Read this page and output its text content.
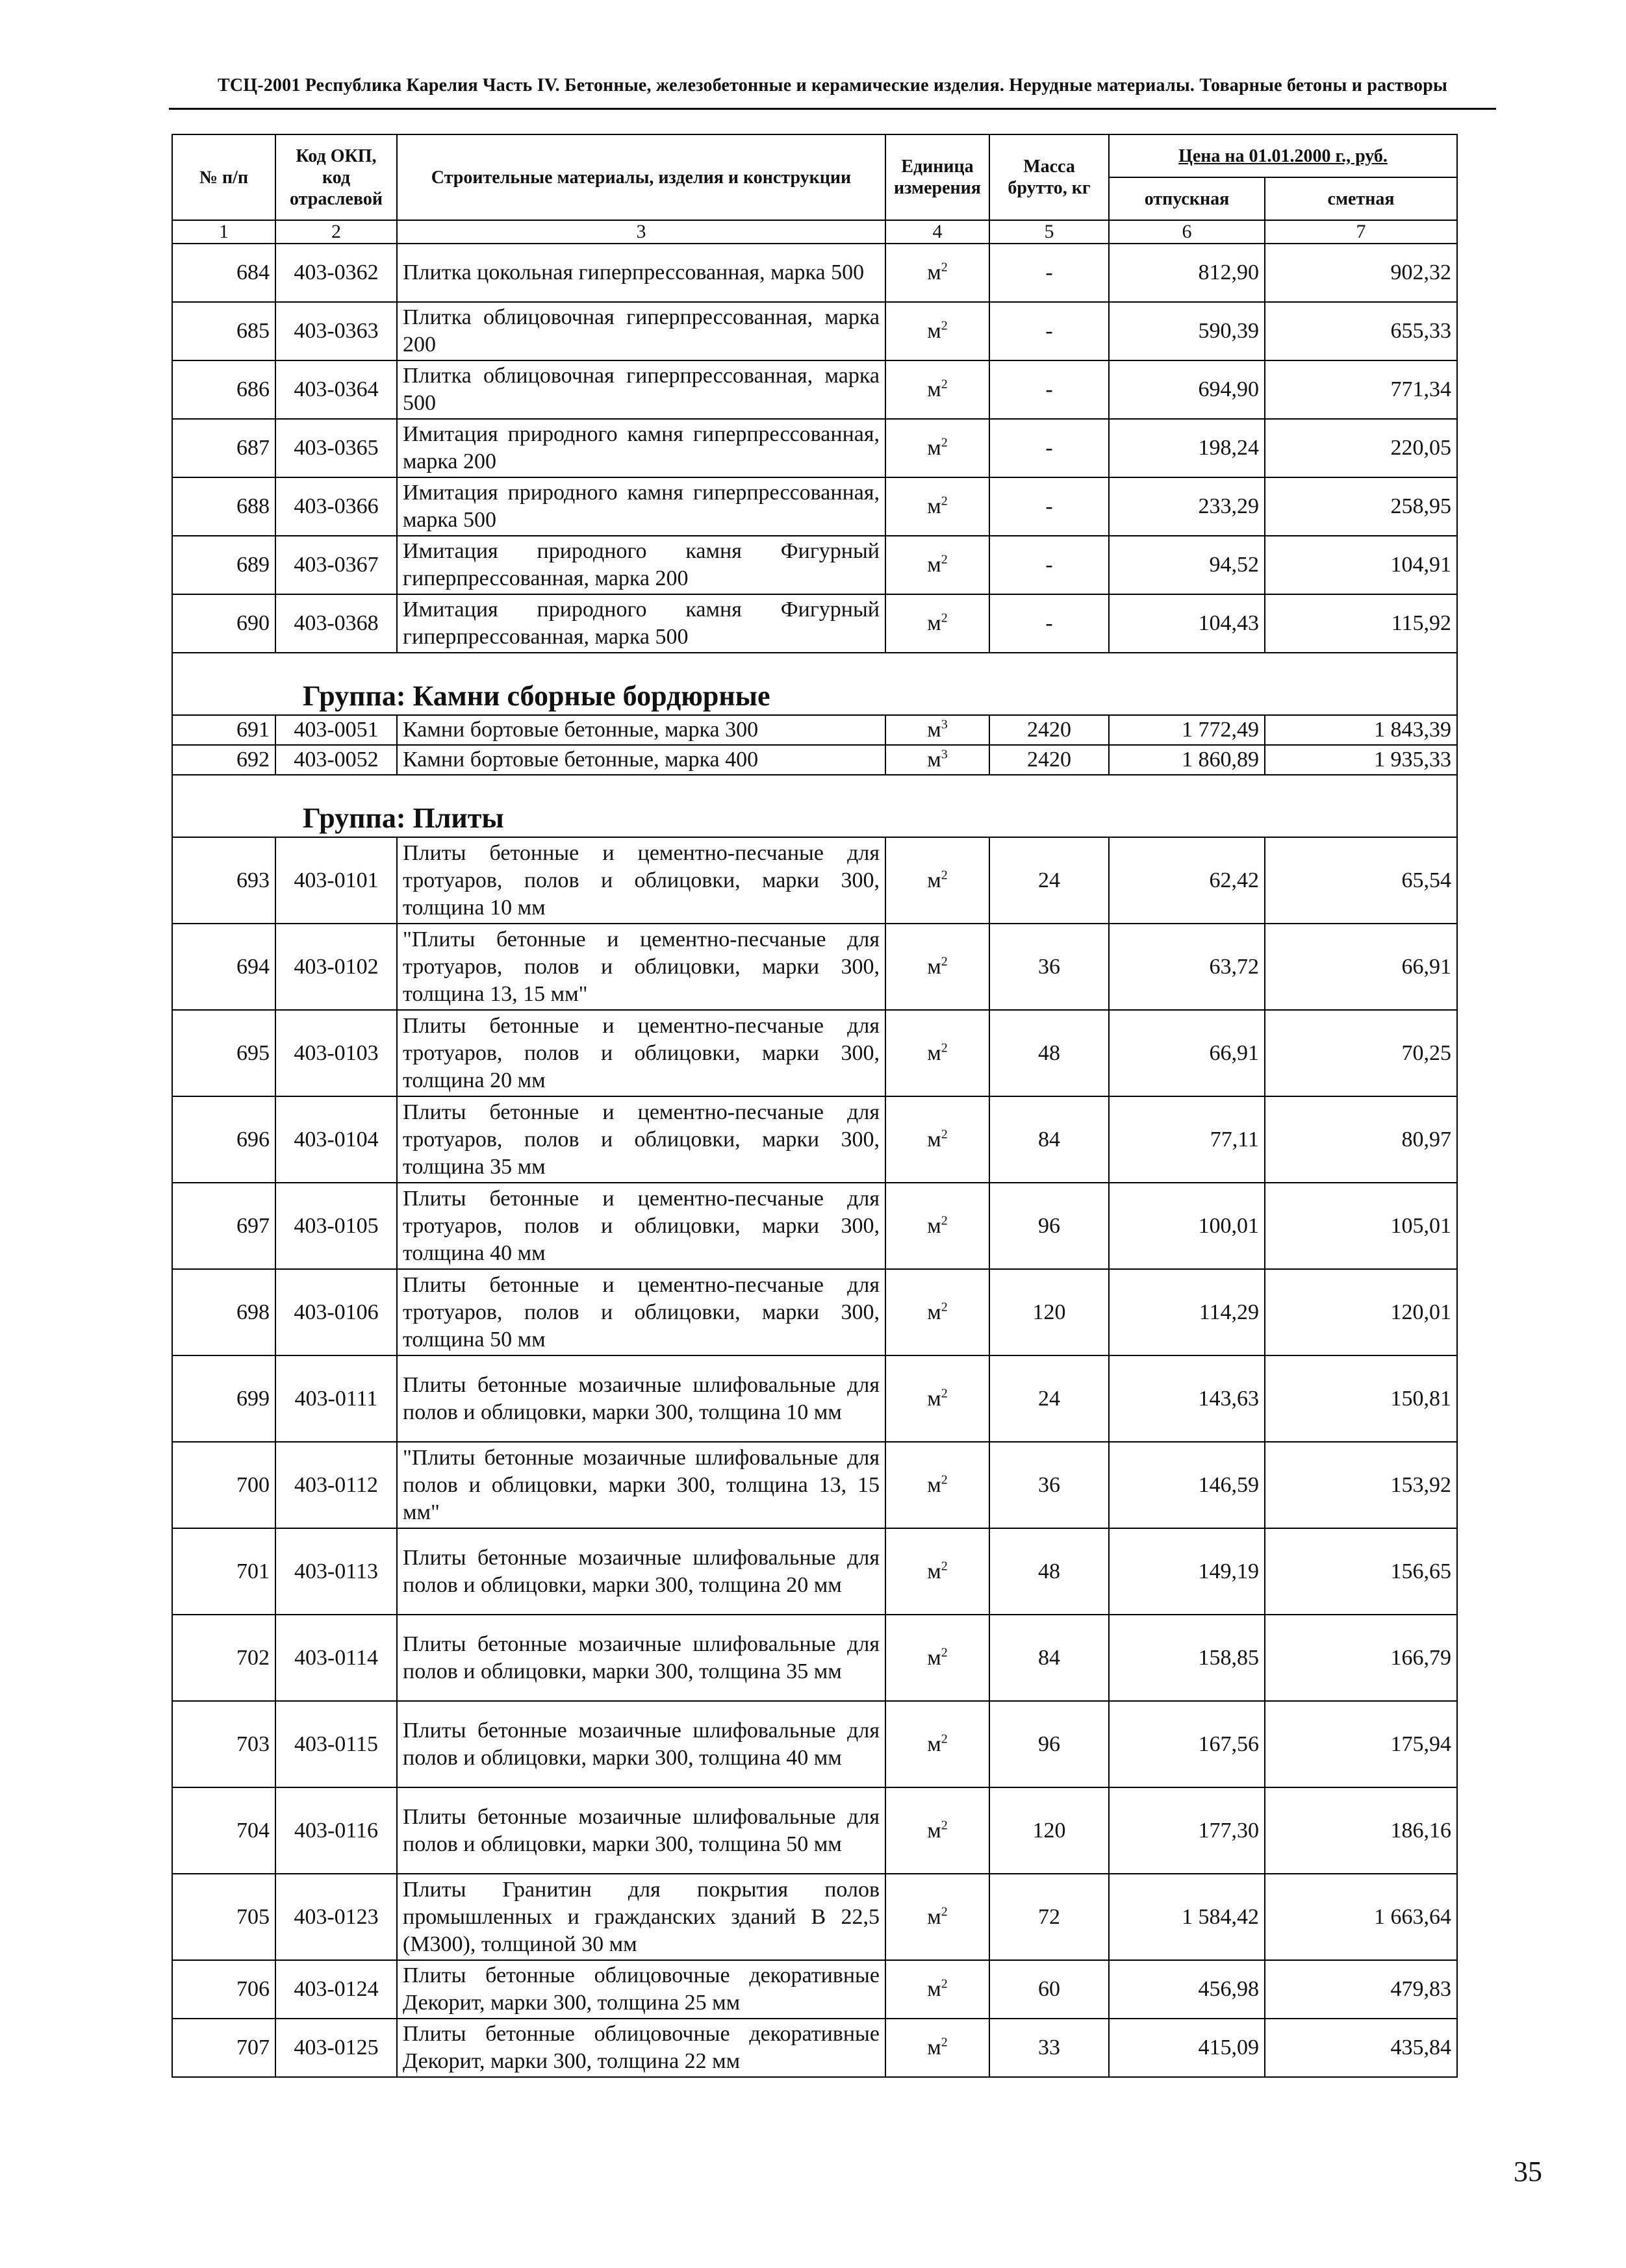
ТСЦ-2001 Республика Карелия Часть IV. Бетонные, железобетонные и керамические изделия. Нерудные материалы. Товарные бетоны и растворы
№ п/п	Код ОКП, код отраслевой	Строительные материалы, изделия и конструкции	Единица измерения	Масса брутто, кг	Цена на 01.01.2000 г., руб.	
					отпускная	сметная
1	2	3	4	5	6	7
684	403-0362	Плитка цокольная гиперпрессованная, марка 500	$м^2$	-	812,90	902,32
685	403-0363	Плитка облицовочная гиперпрессованная, марка 200	$м^2$	-	590,39	655,33
686	403-0364	Плитка облицовочная гиперпрессованная, марка 500	$м^2$	-	694,90	771,34
687	403-0365	Имитация природного камня гиперпрессованная, марка 200	$м^2$	-	198,24	220,05
688	403-0366	Имитация природного камня гиперпрессованная, марка 500	$м^2$	-	233,29	258,95
689	403-0367	Имитация природного камня Фигурный гиперпрессованная, марка 200	$м^2$	-	94,52	104,91
690	403-0368	Имитация природного камня Фигурный гиперпрессованная, марка 500	$м^2$	-	104,43	115,92
Группа: Камни сборные бордюрные						
691	403-0051	Камни бортовые бетонные, марка 300	$м^3$	2420	1 772,49	1 843,39
692	403-0052	Камни бортовые бетонные, марка 400	$м^3$	2420	1 860,89	1 935,33
Группа: Плиты						
693	403-0101	Плиты бетонные и цементно-песчаные для тротуаров, полов и облицовки, марки 300, толщина 10 мм	$м^2$	24	62,42	65,54
694	403-0102	"Плиты бетонные и цементно-песчаные для тротуаров, полов и облицовки, марки 300, толщина 13, 15 мм"	$м^2$	36	63,72	66,91
695	403-0103	Плиты бетонные и цементно-песчаные для тротуаров, полов и облицовки, марки 300, толщина 20 мм	$м^2$	48	66,91	70,25
696	403-0104	Плиты бетонные и цементно-песчаные для тротуаров, полов и облицовки, марки 300, толщина 35 мм	$м^2$	84	77,11	80,97
697	403-0105	Плиты бетонные и цементно-песчаные для тротуаров, полов и облицовки, марки 300, толщина 40 мм	$м^2$	96	100,01	105,01
698	403-0106	Плиты бетонные и цементно-песчаные для тротуаров, полов и облицовки, марки 300, толщина 50 мм	$м^2$	120	114,29	120,01
699	403-0111	Плиты бетонные мозаичные шлифовальные для полов и облицовки, марки 300, толщина 10 мм	$м^2$	24	143,63	150,81
700	403-0112	"Плиты бетонные мозаичные шлифовальные для полов и облицовки, марки 300, толщина 13, 15 мм"	$м^2$	36	146,59	153,92
701	403-0113	Плиты бетонные мозаичные шлифовальные для полов и облицовки, марки 300, толщина 20 мм	$м^2$	48	149,19	156,65
702	403-0114	Плиты бетонные мозаичные шлифовальные для полов и облицовки, марки 300, толщина 35 мм	$м^2$	84	158,85	166,79
703	403-0115	Плиты бетонные мозаичные шлифовальные для полов и облицовки, марки 300, толщина 40 мм	$м^2$	96	167,56	175,94
704	403-0116	Плиты бетонные мозаичные шлифовальные для полов и облицовки, марки 300, толщина 50 мм	$м^2$	120	177,30	186,16
705	403-0123	Плиты Гранитин для покрытия полов промышленных и гражданских зданий В 22,5 (М300), толщиной 30 мм	$м^2$	72	1 584,42	1 663,64
706	403-0124	Плиты бетонные облицовочные декоративные Декорит, марки 300, толщина 25 мм	$м^2$	60	456,98	479,83
707	403-0125	Плиты бетонные облицовочные декоративные Декорит, марки 300, толщина 22 мм	$м^2$	33	415,09	435,84
35
